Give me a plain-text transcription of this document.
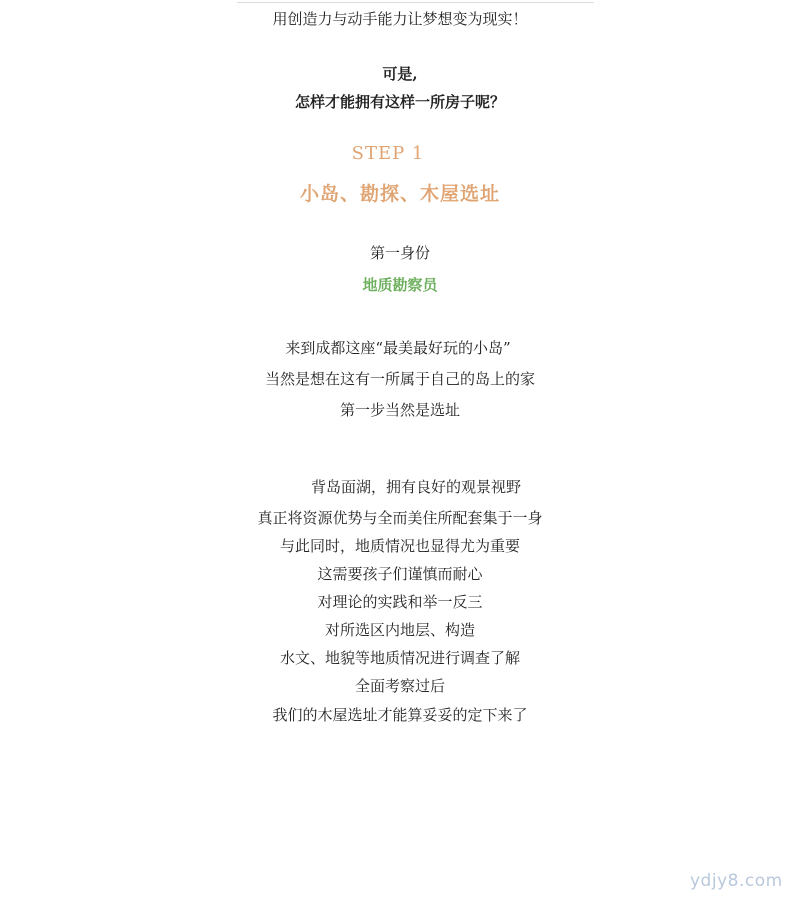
用创造力与动手能力让梦想变为现实！
可是,
怎样才能拥有这样一所房子呢？
STEP 1
小岛、勘探、木屋选址
第一身份
地质勘察员
来到成都这座“最美最好玩的小岛”
当然是想在这有一所属于自己的岛上的家
第一步当然是选址
背岛面湖，拥有良好的观景视野
真正将资源优势与全而美住所配套集于一身
与此同时，地质情况也显得尤为重要
这需要孩子们谨慎而耐心
对理论的实践和举一反三
对所选区内地层、构造
水文、地貌等地质情况进行调查了解
全面考察过后
我们的木屋选址才能算妥妥的定下来了
ydjy8.com
